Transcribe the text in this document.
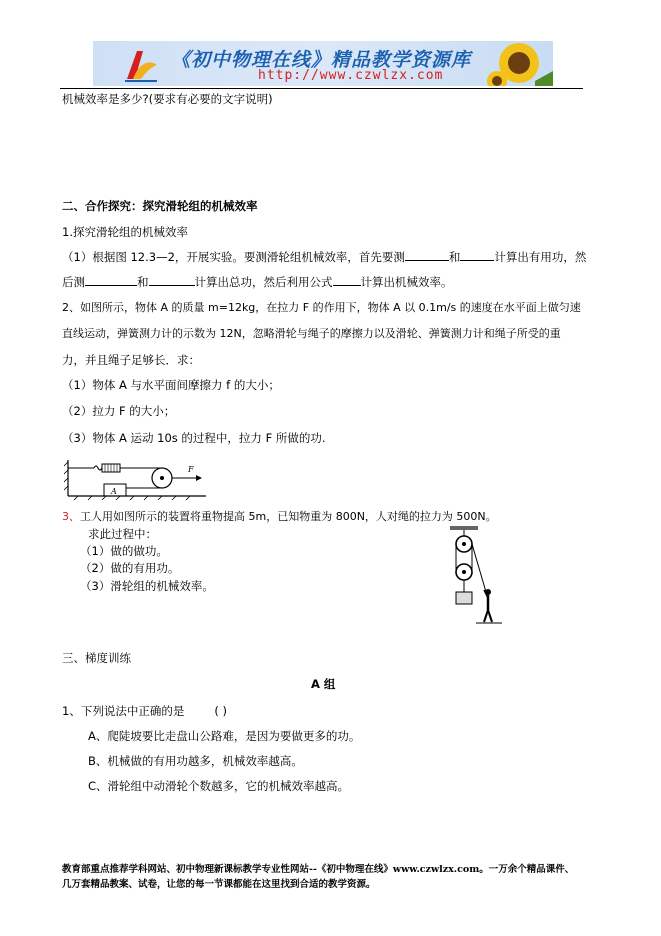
《初中物理在线》精品教学资源库
http://www.czwlzx.com
机械效率是多少?(要求有必要的文字说明)
二、合作探究：探究滑轮组的机械效率
1.探究滑轮组的机械效率
（1）根据图 12.3—2，开展实验。要测滑轮组机械效率，首先要测	和	计算出有用功，然
后测	和	计算出总功，然后利用公式 计算出机械效率。
2、如图所示，物体 A 的质量 m=12kg，在拉力 F 的作用下，物体 A 以 0.1m/s 的速度在水平面上做匀速
直线运动，弹簧测力计的示数为 12N，忽略滑轮与绳子的摩擦力以及滑轮、弹簧测力计和绳子所受的重
力，并且绳子足够长．求：
（1）物体 A 与水平面间摩擦力 f 的大小；
（2）拉力 F 的大小；
（3）物体 A 运动 10s 的过程中，拉力 F 所做的功.
A
F
3、工人用如图所示的装置将重物提高 5m，已知物重为 800N，人对绳的拉力为 500N。
求此过程中：
（1）做的做功。
（2）做的有用功。
（3）滑轮组的机械效率。
三、梯度训练
A 组
1、下列说法中正确的是	( )
A、爬陡坡要比走盘山公路难，是因为要做更多的功。
B、机械做的有用功越多，机械效率越高。
C、滑轮组中动滑轮个数越多，它的机械效率越高。
教育部重点推荐学科网站、初中物理新课标教学专业性网站--《初中物理在线》www.czwlzx.com。一万余个精品课件、
几万套精品教案、试卷，让您的每一节课都能在这里找到合适的教学资源。
